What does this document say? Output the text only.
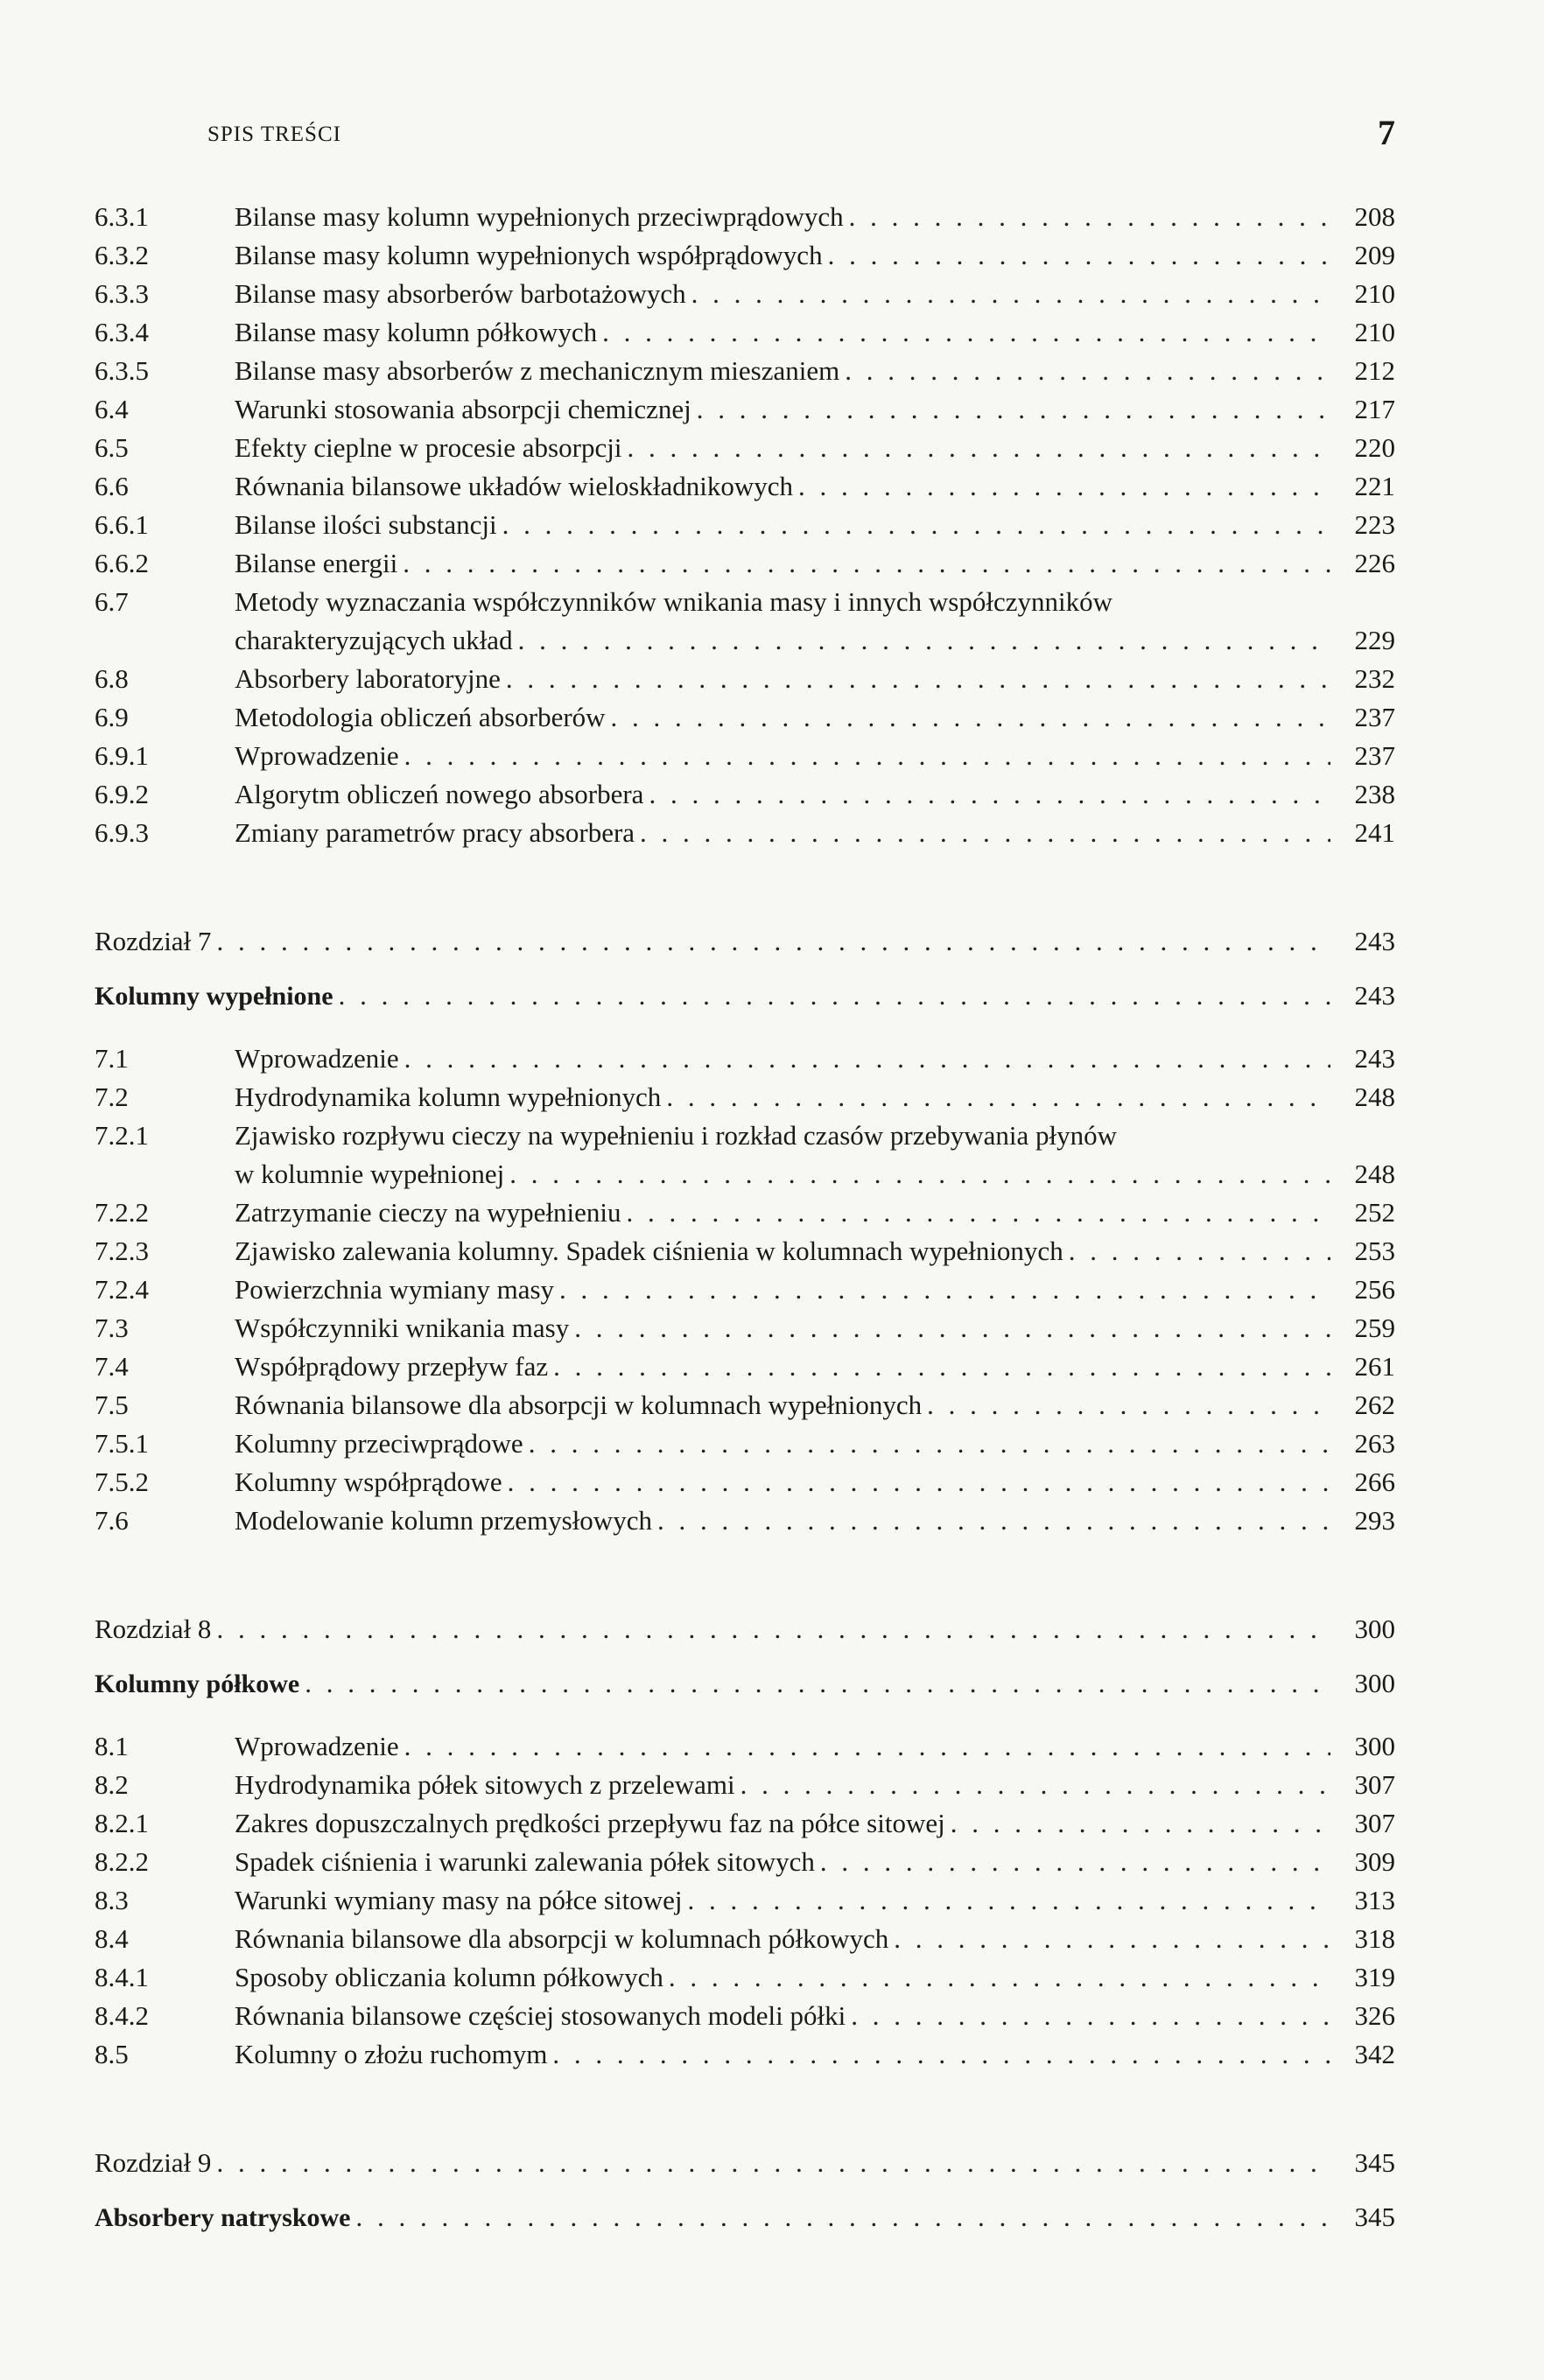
SPIS TREŚCI	7
6.3.1	Bilanse masy kolumn wypełnionych przeciwprądowych . . .	208
6.3.2	Bilanse masy kolumn wypełnionych współprądowych . . .	209
6.3.3	Bilanse masy absorberów barbotażowych . . .	210
6.3.4	Bilanse masy kolumn półkowych . . .	210
6.3.5	Bilanse masy absorberów z mechanicznym mieszaniem . . .	212
6.4	Warunki stosowania absorpcji chemicznej . . .	217
6.5	Efekty cieplne w procesie absorpcji . . .	220
6.6	Równania bilansowe układów wieloskładnikowych . . .	221
6.6.1	Bilanse ilości substancji . . .	223
6.6.2	Bilanse energii . . .	226
6.7	Metody wyznaczania współczynników wnikania masy i innych współczynników
charakteryzujących układ . . .	229
6.8	Absorbery laboratoryjne . . .	232
6.9	Metodologia obliczeń absorberów . . .	237
6.9.1	Wprowadzenie . . .	237
6.9.2	Algorytm obliczeń nowego absorbera . . .	238
6.9.3	Zmiany parametrów pracy absorbera . . .	241
Rozdział 7 . . .	243
Kolumny wypełnione . . .	243
7.1	Wprowadzenie . . .	243
7.2	Hydrodynamika kolumn wypełnionych . . .	248
7.2.1	Zjawisko rozpływu cieczy na wypełnieniu i rozkład czasów przebywania płynów
w kolumnie wypełnionej . . .	248
7.2.2	Zatrzymanie cieczy na wypełnieniu . . .	252
7.2.3	Zjawisko zalewania kolumny. Spadek ciśnienia w kolumnach wypełnionych . . .	253
7.2.4	Powierzchnia wymiany masy . . .	256
7.3	Współczynniki wnikania masy . . .	259
7.4	Współprądowy przepływ faz . . .	261
7.5	Równania bilansowe dla absorpcji w kolumnach wypełnionych . . .	262
7.5.1	Kolumny przeciwprądowe . . .	263
7.5.2	Kolumny współprądowe . . .	266
7.6	Modelowanie kolumn przemysłowych . . .	293
Rozdział 8 . . .	300
Kolumny półkowe . . .	300
8.1	Wprowadzenie . . .	300
8.2	Hydrodynamika półek sitowych z przelewami . . .	307
8.2.1	Zakres dopuszczalnych prędkości przepływu faz na półce sitowej . . .	307
8.2.2	Spadek ciśnienia i warunki zalewania półek sitowych . . .	309
8.3	Warunki wymiany masy na półce sitowej . . .	313
8.4	Równania bilansowe dla absorpcji w kolumnach półkowych . . .	318
8.4.1	Sposoby obliczania kolumn półkowych . . .	319
8.4.2	Równania bilansowe częściej stosowanych modeli półki . . .	326
8.5	Kolumny o złożu ruchomym . . .	342
Rozdział 9 . . .	345
Absorbery natryskowe . . .	345
